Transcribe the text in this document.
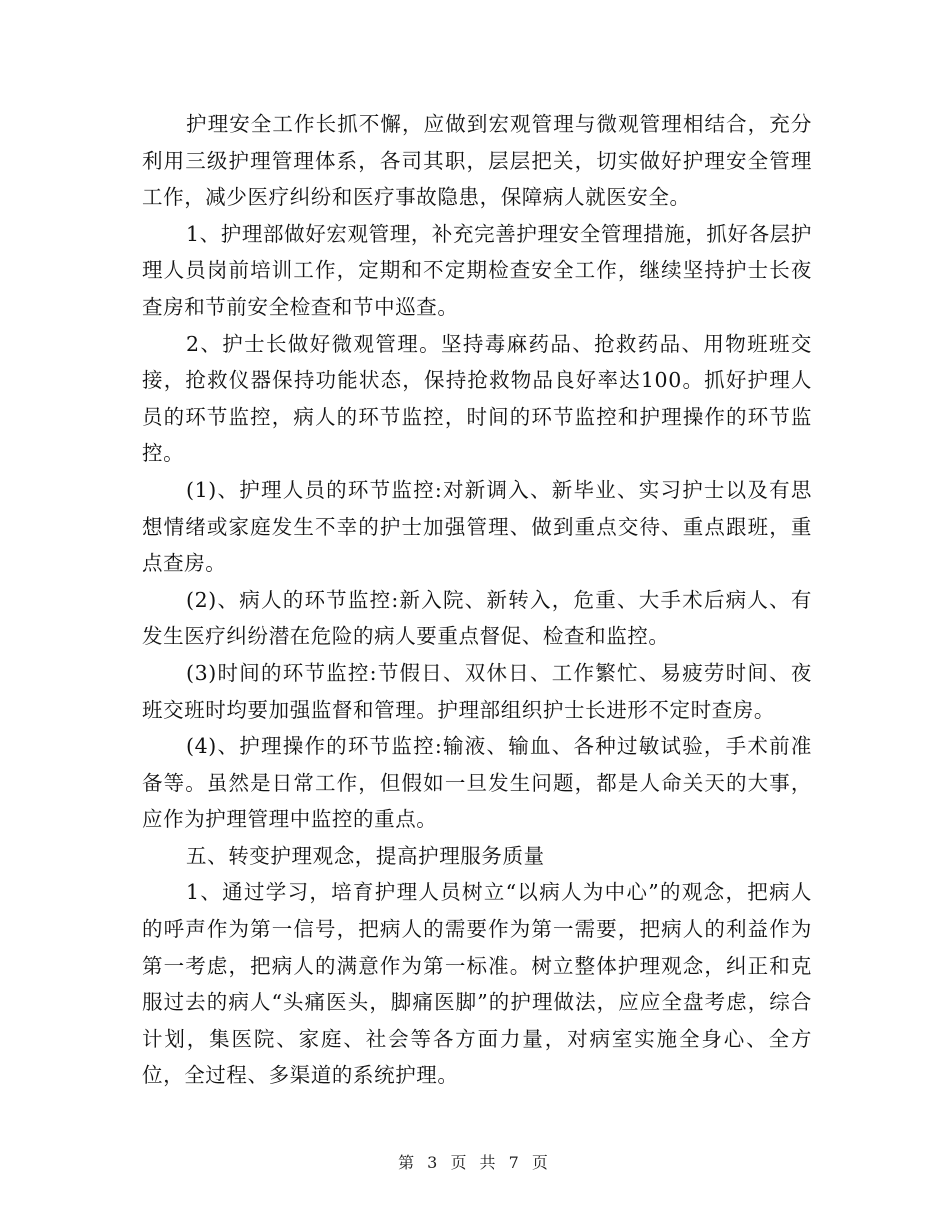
护理安全工作长抓不懈，应做到宏观管理与微观管理相结合，充分利用三级护理管理体系，各司其职，层层把关，切实做好护理安全管理工作，减少医疗纠纷和医疗事故隐患，保障病人就医安全。

1、护理部做好宏观管理，补充完善护理安全管理措施，抓好各层护理人员岗前培训工作，定期和不定期检查安全工作，继续坚持护士长夜查房和节前安全检查和节中巡查。

2、护士长做好微观管理。坚持毒麻药品、抢救药品、用物班班交接，抢救仪器保持功能状态，保持抢救物品良好率达100。抓好护理人员的环节监控，病人的环节监控，时间的环节监控和护理操作的环节监控。

(1)、护理人员的环节监控:对新调入、新毕业、实习护士以及有思想情绪或家庭发生不幸的护士加强管理、做到重点交待、重点跟班，重点查房。

(2)、病人的环节监控:新入院、新转入，危重、大手术后病人、有发生医疗纠纷潜在危险的病人要重点督促、检查和监控。

(3)时间的环节监控:节假日、双休日、工作繁忙、易疲劳时间、夜班交班时均要加强监督和管理。护理部组织护士长进形不定时查房。

(4)、护理操作的环节监控:输液、输血、各种过敏试验，手术前准备等。虽然是日常工作，但假如一旦发生问题，都是人命关天的大事，应作为护理管理中监控的重点。

五、转变护理观念，提高护理服务质量

1、通过学习，培育护理人员树立“以病人为中心”的观念，把病人的呼声作为第一信号，把病人的需要作为第一需要，把病人的利益作为第一考虑，把病人的满意作为第一标准。树立整体护理观念，纠正和克服过去的病人“头痛医头，脚痛医脚”的护理做法，应应全盘考虑，综合计划，集医院、家庭、社会等各方面力量，对病室实施全身心、全方位，全过程、多渠道的系统护理。

第 3 页 共 7 页
